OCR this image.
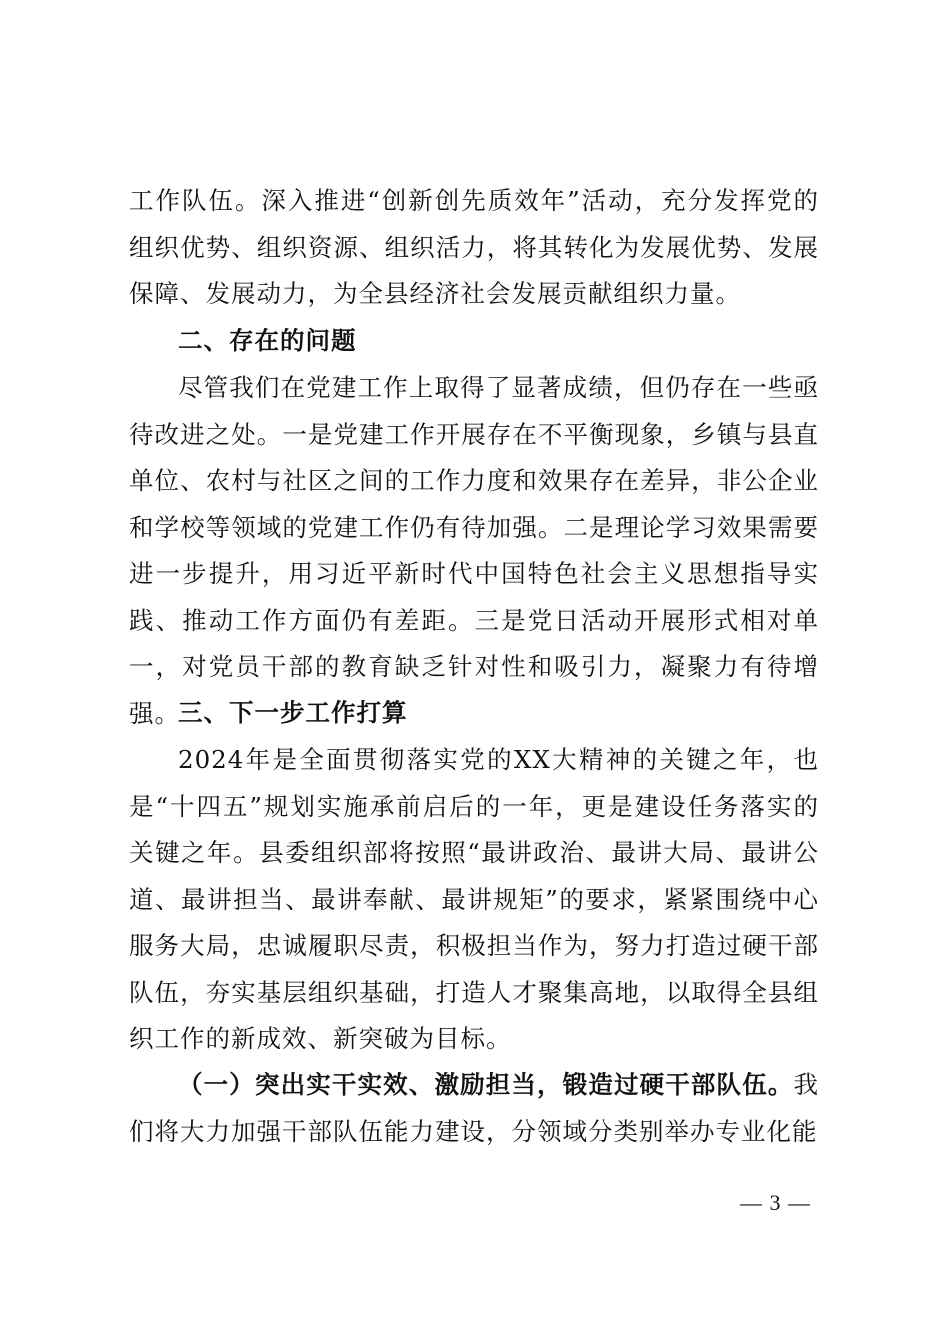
工作队伍。深入推进“创新创先质效年”活动，充分发挥党的组织优势、组织资源、组织活力，将其转化为发展优势、发展保障、发展动力，为全县经济社会发展贡献组织力量。

二、存在的问题

尽管我们在党建工作上取得了显著成绩，但仍存在一些亟待改进之处。一是党建工作开展存在不平衡现象，乡镇与县直单位、农村与社区之间的工作力度和效果存在差异，非公企业和学校等领域的党建工作仍有待加强。二是理论学习效果需要进一步提升，用习近平新时代中国特色社会主义思想指导实践、推动工作方面仍有差距。三是党日活动开展形式相对单一，对党员干部的教育缺乏针对性和吸引力，凝聚力有待增强。

三、下一步工作打算

2024年是全面贯彻落实党的XX大精神的关键之年，也是“十四五”规划实施承前启后的一年，更是建设任务落实的关键之年。县委组织部将按照“最讲政治、最讲大局、最讲公道、最讲担当、最讲奉献、最讲规矩”的要求，紧紧围绕中心服务大局，忠诚履职尽责，积极担当作为，努力打造过硬干部队伍，夯实基层组织基础，打造人才聚集高地，以取得全县组织工作的新成效、新突破为目标。

（一）突出实干实效、激励担当，锻造过硬干部队伍。我们将大力加强干部队伍能力建设，分领域分类别举办专业化能

— 3 —
